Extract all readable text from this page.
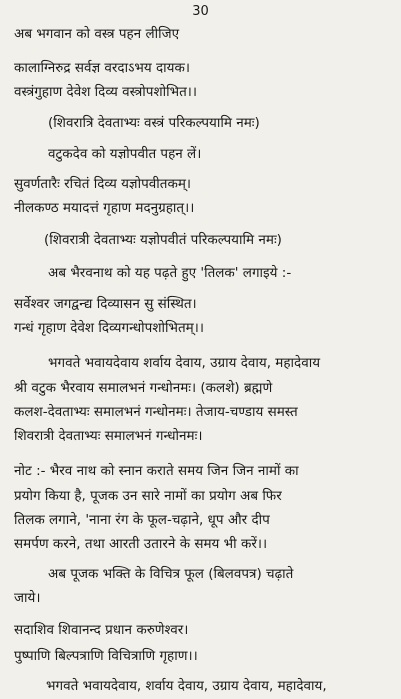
30

अब भगवान को वस्त्र पहन लीजिए

कालाग्निरुद्र सर्वज्ञ वरदाऽभय दायक।

वस्त्रंगुहाण देवेश दिव्य वस्त्रोपशोभित।।

(शिवरात्रि देवताभ्यः वस्त्रं परिकल्पयामि नमः)

वटुकदेव को यज्ञोपवीत पहन लें।

सुवर्णतारैः रचितं दिव्य यज्ञोपवीतकम्।

नीलकण्ठ मयादत्तं गृहाण मदनुग्रहात्।।

(शिवरात्री देवताभ्यः यज्ञोपवीतं परिकल्पयामि नमः)

अब भैरवनाथ को यह पढ़ते हुए 'तिलक' लगाइये :-

सर्वेश्वर जगद्वन्द्य दिव्यासन सु संस्थित।

गन्धं गृहाण देवेश दिव्यगन्धोपशोभितम्।।

भगवते भवायदेवाय शर्वाय देवाय, उग्राय देवाय, महादेवाय

श्री वटुक भैरवाय समालभनं गन्धोनमः। (कलशे) ब्रह्मणे

कलश-देवताभ्यः समालभनं गन्धोनमः। तेजाय-चण्डाय समस्त

शिवरात्री देवताभ्यः समालभनं गन्धोनमः।

नोट :- भैरव नाथ को स्नान कराते समय जिन जिन नामों का

प्रयोग किया है, पूजक उन सारे नामों का प्रयोग अब फिर

तिलक लगाने, 'नाना रंग के फूल-चढ़ाने, धूप और दीप

समर्पण करने, तथा आरती उतारने के समय भी करें।।

अब पूजक भक्ति के विचित्र फूल (बिलवपत्र) चढ़ाते

जाये।

सदाशिव शिवानन्द प्रधान करुणेश्वर।

पुष्पाणि बिल्पत्राणि विचित्राणि गृहाण।।

भगवते भवायदेवाय, शर्वाय देवाय, उग्राय देवाय, महादेवाय,
